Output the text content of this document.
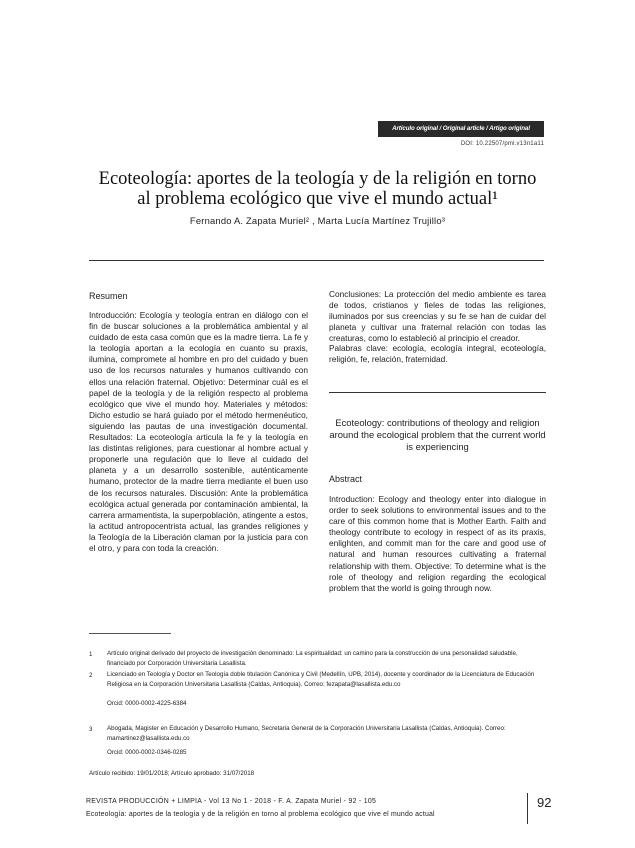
Artículo original / Original article / Artigo original
DOI: 10.22507/pml.v13n1a11
Ecoteología: aportes de la teología y de la religión en torno
al problema ecológico que vive el mundo actual¹
Fernando A. Zapata Muriel² , Marta Lucía Martínez Trujillo³
Resumen

Introducción: Ecología y teología entran en diálogo con el fin de buscar soluciones a la problemática ambiental y al cuidado de esta casa común que es la madre tierra. La fe y la teología aportan a la ecología en cuanto su praxis, ilumina, compromete al hombre en pro del cuidado y buen uso de los recursos naturales y humanos cultivando con ellos una relación fraternal. Objetivo: Determinar cuál es el papel de la teología y de la religión respecto al problema ecológico que vive el mundo hoy. Materiales y métodos: Dicho estudio se hará guiado por el método hermenéutico, siguiendo las pautas de una investigación documental. Resultados: La ecoteología articula la fe y la teología en las distintas religiones, para cuestionar al hombre actual y proponerle una regulación que lo lleve al cuidado del planeta y a un desarrollo sostenible, auténticamente humano, protector de la madre tierra mediante el buen uso de los recursos naturales. Discusión: Ante la problemática ecológica actual generada por contaminación ambiental, la carrera armamentista, la superpoblación, atingente a estos, la actitud antropocentrista actual, las grandes religiones y la Teología de la Liberación claman por la justicia para con el otro, y para con toda la creación.

Conclusiones: La protección del medio ambiente es tarea de todos, cristianos y fieles de todas las religiones, iluminados por sus creencias y su fe se han de cuidar del planeta y cultivar una fraternal relación con todas las creaturas, como lo estableció al principio el creador.

Palabras clave: ecología, ecología integral, ecoteología, religión, fe, relación, fraternidad.

Ecoteology: contributions of theology and religion around the ecological problem that the current world is experiencing
Abstract

Introduction: Ecology and theology enter into dialogue in order to seek solutions to environmental issues and to the care of this common home that is Mother Earth. Faith and theology contribute to ecology in respect of as its praxis, enlighten, and commit man for the care and good use of natural and human resources cultivating a fraternal relationship with them. Objective: To determine what is the role of theology and religion regarding the ecological problem that the world is going through now.

1 Artículo original derivado del proyecto de investigación denominado: La espiritualidad: un camino para la construcción de una personalidad saludable, financiado por Corporación Universitaria Lasallista.
2 Licenciado en Teología y Doctor en Teología doble titulación Canónica y Civil (Medellín, UPB, 2014), docente y coordinador de la Licenciatura de Educación Religiosa en la Corporación Universitaria Lasallista (Caldas, Antioquia). Correo: fezapata@lasallista.edu.co
Orcid: 0000-0002-4225-6384
3 Abogada, Magister en Educación y Desarrollo Humano, Secretaria General de la Corporación Universitaria Lasallista (Caldas, Antioquia). Correo: mamartinez@lasallista.edu.co
Orcid: 0000-0002-0346-0285
Artículo recibido: 19/01/2018; Artículo aprobado: 31/07/2018
REVISTA PRODUCCIÓN + LIMPIA - Vol 13 No 1 - 2018 - F. A. Zapata Muriel - 92 - 105
Ecoteología: aportes de la teología y de la religión en torno al problema ecológico que vive el mundo actual
92
